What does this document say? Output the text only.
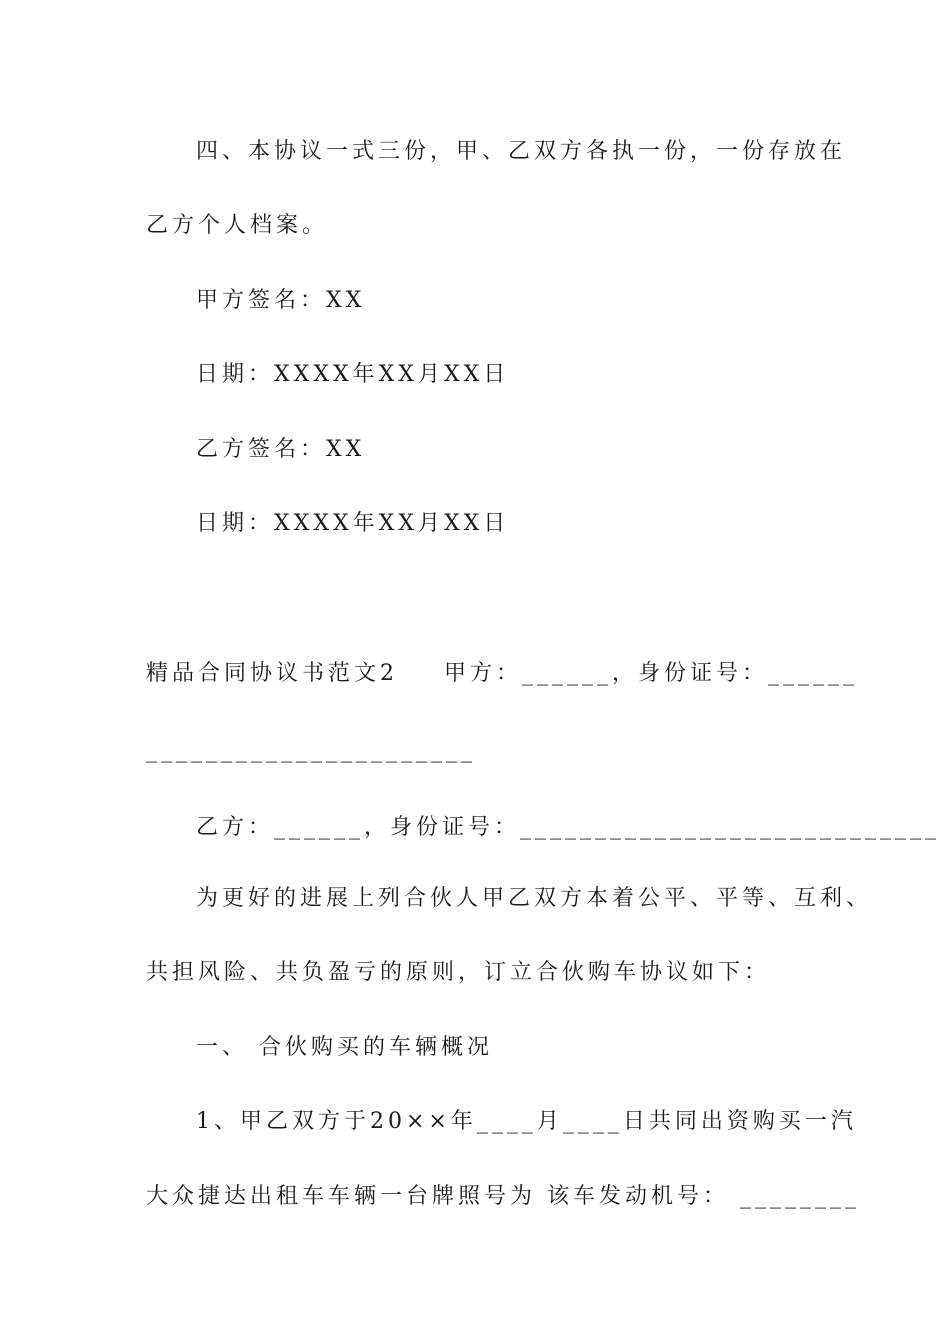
四、本协议一式三份，甲、乙双方各执一份，一份存放在
乙方个人档案。
甲方签名：XX
日期：XXXX年XX月XX日
乙方签名：XX
日期：XXXX年XX月XX日
精品合同协议书范文2 甲方：______，身份证号：______
______________________
乙方：______，身份证号：____________________________
为更好的进展上列合伙人甲乙双方本着公平、平等、互利、
共担风险、共负盈亏的原则，订立合伙购车协议如下：
一、 合伙购买的车辆概况
1、甲乙双方于20××年____月____日共同出资购买一汽
大众捷达出租车车辆一台牌照号为 该车发动机号： ________
